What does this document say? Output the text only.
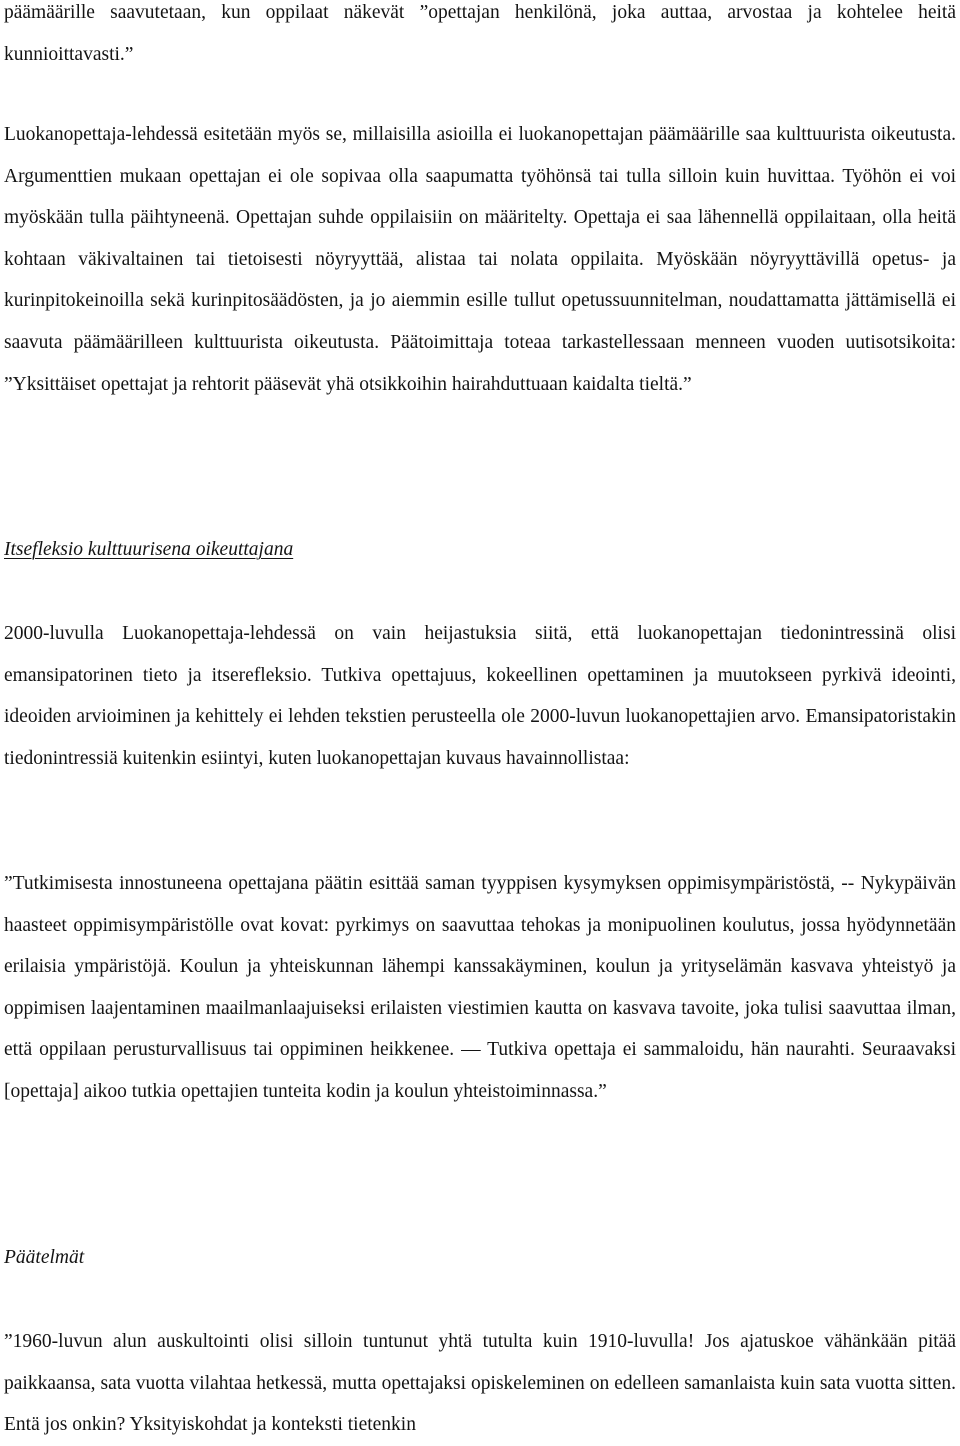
päämäärille saavutetaan, kun oppilaat näkevät ”opettajan henkilönä, joka auttaa, arvostaa ja kohtelee heitä kunnioittavasti.”

Luokanopettaja-lehdessä esitetään myös se, millaisilla asioilla ei luokanopettajan päämäärille saa kulttuurista oikeutusta. Argumenttien mukaan opettajan ei ole sopivaa olla saapumatta työhönsä tai tulla silloin kuin huvittaa. Työhön ei voi myöskään tulla päihtyneenä. Opettajan suhde oppilaisiin on määritelty. Opettaja ei saa lähennellä oppilaitaan, olla heitä kohtaan väkivaltainen tai tietoisesti nöyryyttää, alistaa tai nolata oppilaita. Myöskään nöyryyttävillä opetus- ja kurinpitokeinoilla sekä kurinpitosäädösten, ja jo aiemmin esille tullut opetussuunnitelman, noudattamatta jättämisellä ei saavuta päämäärilleen kulttuurista oikeutusta. Päätoimittaja toteaa tarkastellessaan menneen vuoden uutisotsikoita: ”Yksittäiset opettajat ja rehtorit pääsevät yhä otsikkoihin hairahduttuaan kaidalta tieltä.”

Itsefleksio kulttuurisena oikeuttajana

2000-luvulla Luokanopettaja-lehdessä on vain heijastuksia siitä, että luokanopettajan tiedonintressinä olisi emansipatorinen tieto ja itserefleksio. Tutkiva opettajuus, kokeellinen opettaminen ja muutokseen pyrkivä ideointi, ideoiden arvioiminen ja kehittely ei lehden tekstien perusteella ole 2000-luvun luokanopettajien arvo. Emansipatoristakin tiedonintressiä kuitenkin esiintyi, kuten luokanopettajan kuvaus havainnollistaa:

”Tutkimisesta innostuneena opettajana päätin esittää saman tyyppisen kysymyksen oppimisympäristöstä, -- Nykypäivän haasteet oppimisympäristölle ovat kovat: pyrkimys on saavuttaa tehokas ja monipuolinen koulutus, jossa hyödynnetään erilaisia ympäristöjä. Koulun ja yhteiskunnan lähempi kanssakäyminen, koulun ja yrityselämän kasvava yhteistyö ja oppimisen laajentaminen maailmanlaajuiseksi erilaisten viestimien kautta on kasvava tavoite, joka tulisi saavuttaa ilman, että oppilaan perusturvallisuus tai oppiminen heikkenee. — Tutkiva opettaja ei sammaloidu, hän naurahti. Seuraavaksi [opettaja] aikoo tutkia opettajien tunteita kodin ja koulun yhteistoiminnassa.”

Päätelmät

”1960-luvun alun auskultointi olisi silloin tuntunut yhtä tutulta kuin 1910-luvulla! Jos ajatuskoe vähänkään pitää paikkaansa, sata vuotta vilahtaa hetkessä, mutta opettajaksi opiskeleminen on edelleen samanlaista kuin sata vuotta sitten. Entä jos onkin? Yksityiskohdat ja konteksti tietenkin
